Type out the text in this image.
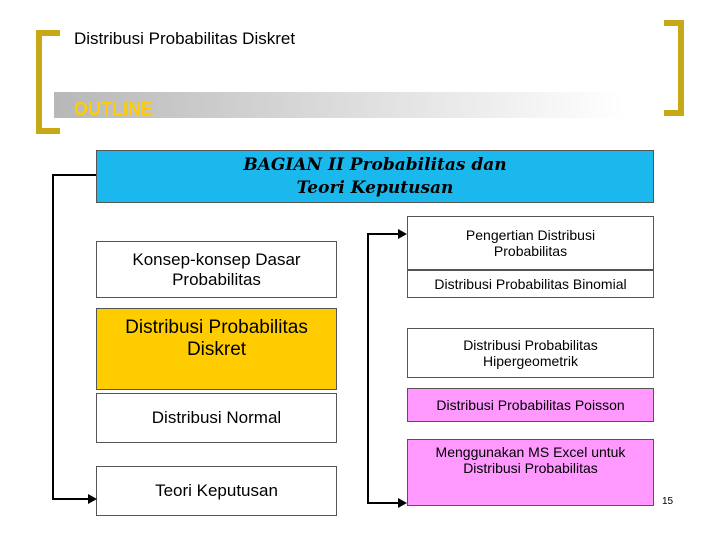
Distribusi Probabilitas Diskret
OUTLINE
BAGIAN II Probabilitas dan Teori Keputusan
Konsep-konsep Dasar Probabilitas
Distribusi Probabilitas Diskret
Distribusi Normal
Teori Keputusan
Pengertian Distribusi Probabilitas
Distribusi Probabilitas Binomial
Distribusi Probabilitas Hipergeometrik
Distribusi Probabilitas Poisson
Menggunakan MS Excel untuk Distribusi Probabilitas
15
